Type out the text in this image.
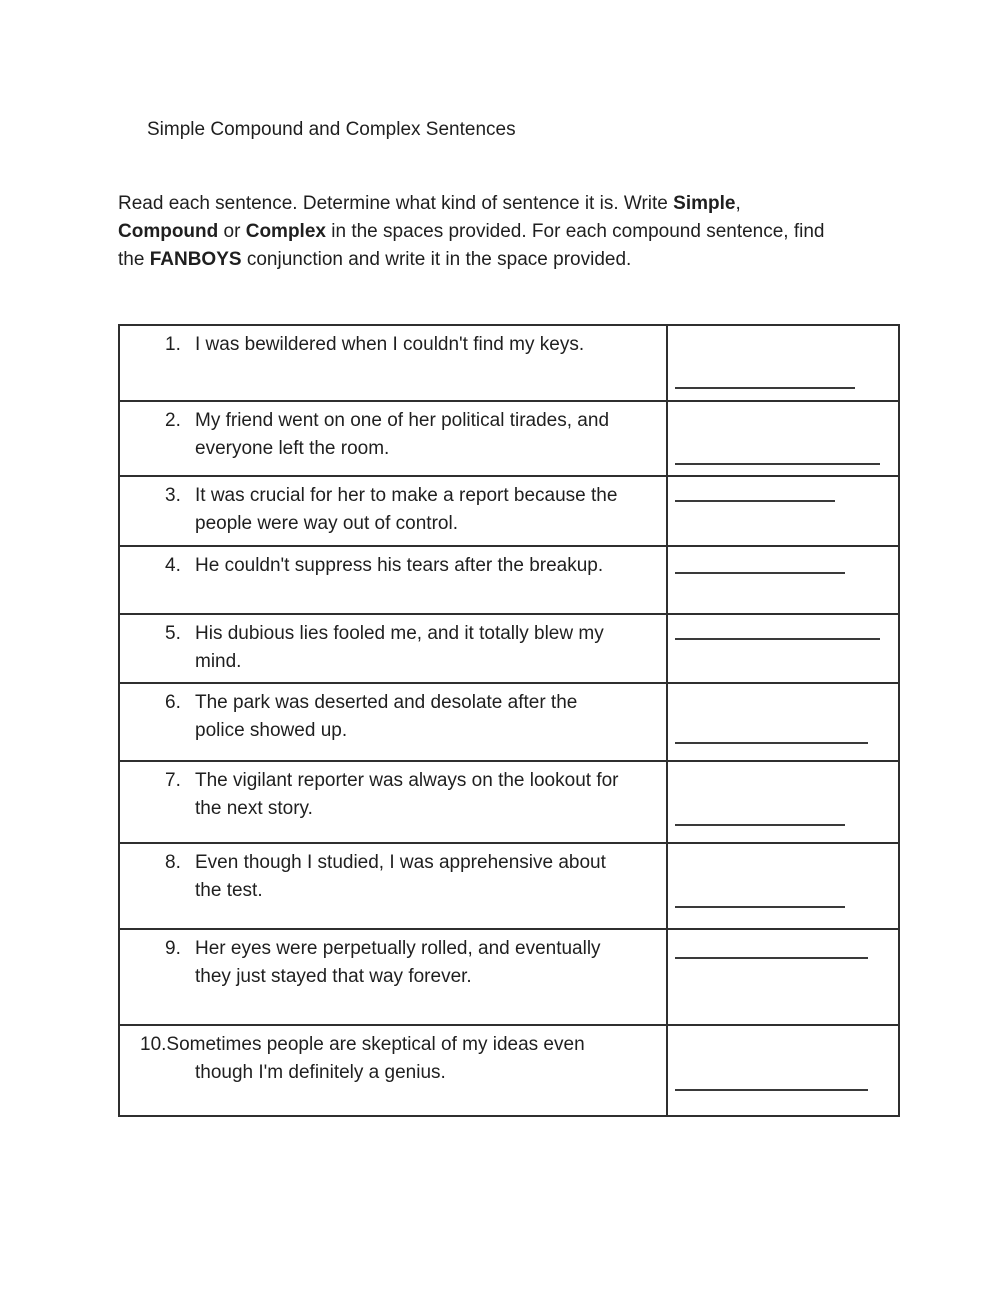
Simple Compound and Complex Sentences
Read each sentence. Determine what kind of sentence it is. Write Simple,
Compound or Complex in the spaces provided. For each compound sentence, find
the FANBOYS conjunction and write it in the space provided.
1. I was bewildered when I couldn't find my keys.
2. My friend went on one of her political tirades, and
everyone left the room.
3. It was crucial for her to make a report because the
people were way out of control.
4. He couldn't suppress his tears after the breakup.
5. His dubious lies fooled me, and it totally blew my
mind.
6. The park was deserted and desolate after the
police showed up.
7. The vigilant reporter was always on the lookout for
the next story.
8. Even though I studied, I was apprehensive about
the test.
9. Her eyes were perpetually rolled, and eventually
they just stayed that way forever.
10.Sometimes people are skeptical of my ideas even
though I'm definitely a genius.
